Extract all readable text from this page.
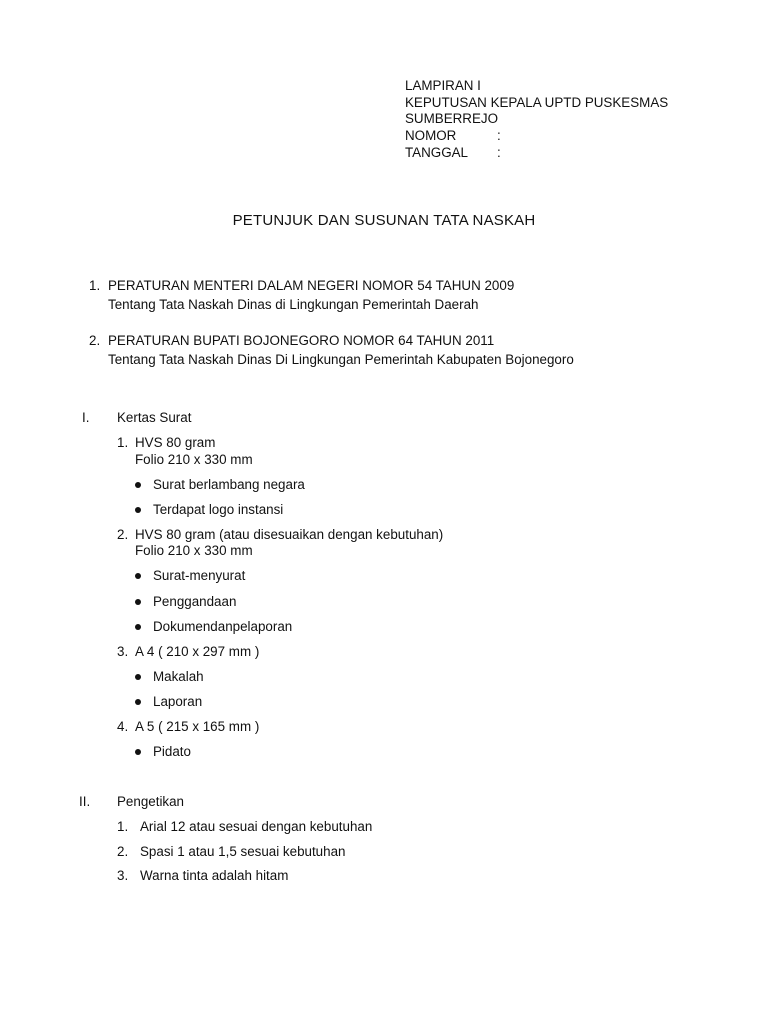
LAMPIRAN I
KEPUTUSAN KEPALA UPTD PUSKESMAS
SUMBERREJO
NOMOR	:
TANGGAL :
PETUNJUK DAN SUSUNAN TATA NASKAH
1. PERATURAN MENTERI DALAM NEGERI NOMOR 54 TAHUN 2009
Tentang Tata Naskah Dinas di Lingkungan Pemerintah Daerah
2. PERATURAN BUPATI BOJONEGORO NOMOR 64 TAHUN 2011
Tentang Tata Naskah Dinas Di Lingkungan Pemerintah Kabupaten Bojonegoro
I. Kertas Surat
1. HVS 80 gram
Folio 210 x 330 mm
Surat berlambang negara
Terdapat logo instansi
2. HVS 80 gram (atau disesuaikan dengan kebutuhan)
Folio 210 x 330 mm
Surat-menyurat
Penggandaan
Dokumendanpelaporan
3. A 4 ( 210 x 297 mm )
Makalah
Laporan
4. A 5 ( 215 x 165 mm )
Pidato
II. Pengetikan
1. Arial 12 atau sesuai dengan kebutuhan
2. Spasi 1 atau 1,5 sesuai kebutuhan
3. Warna tinta adalah hitam
